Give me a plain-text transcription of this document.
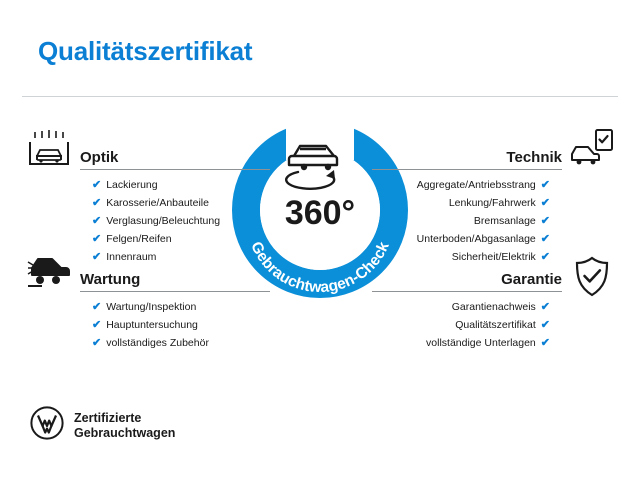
Qualitätszertifikat
360°
Gebrauchtwagen-Check
Optik
✔ Lackierung
✔ Karosserie/Anbauteile
✔ Verglasung/Beleuchtung
✔ Felgen/Reifen
✔ Innenraum
Wartung
✔ Wartung/Inspektion
✔ Hauptuntersuchung
✔ vollständiges Zubehör
Technik
Aggregate/Antriebsstrang ✔
Lenkung/Fahrwerk ✔
Bremsanlage ✔
Unterboden/Abgasanlage ✔
Sicherheit/Elektrik ✔
Garantie
Garantienachweis ✔
Qualitätszertifikat ✔
vollständige Unterlagen ✔
Zertifizierte
Gebrauchtwagen
